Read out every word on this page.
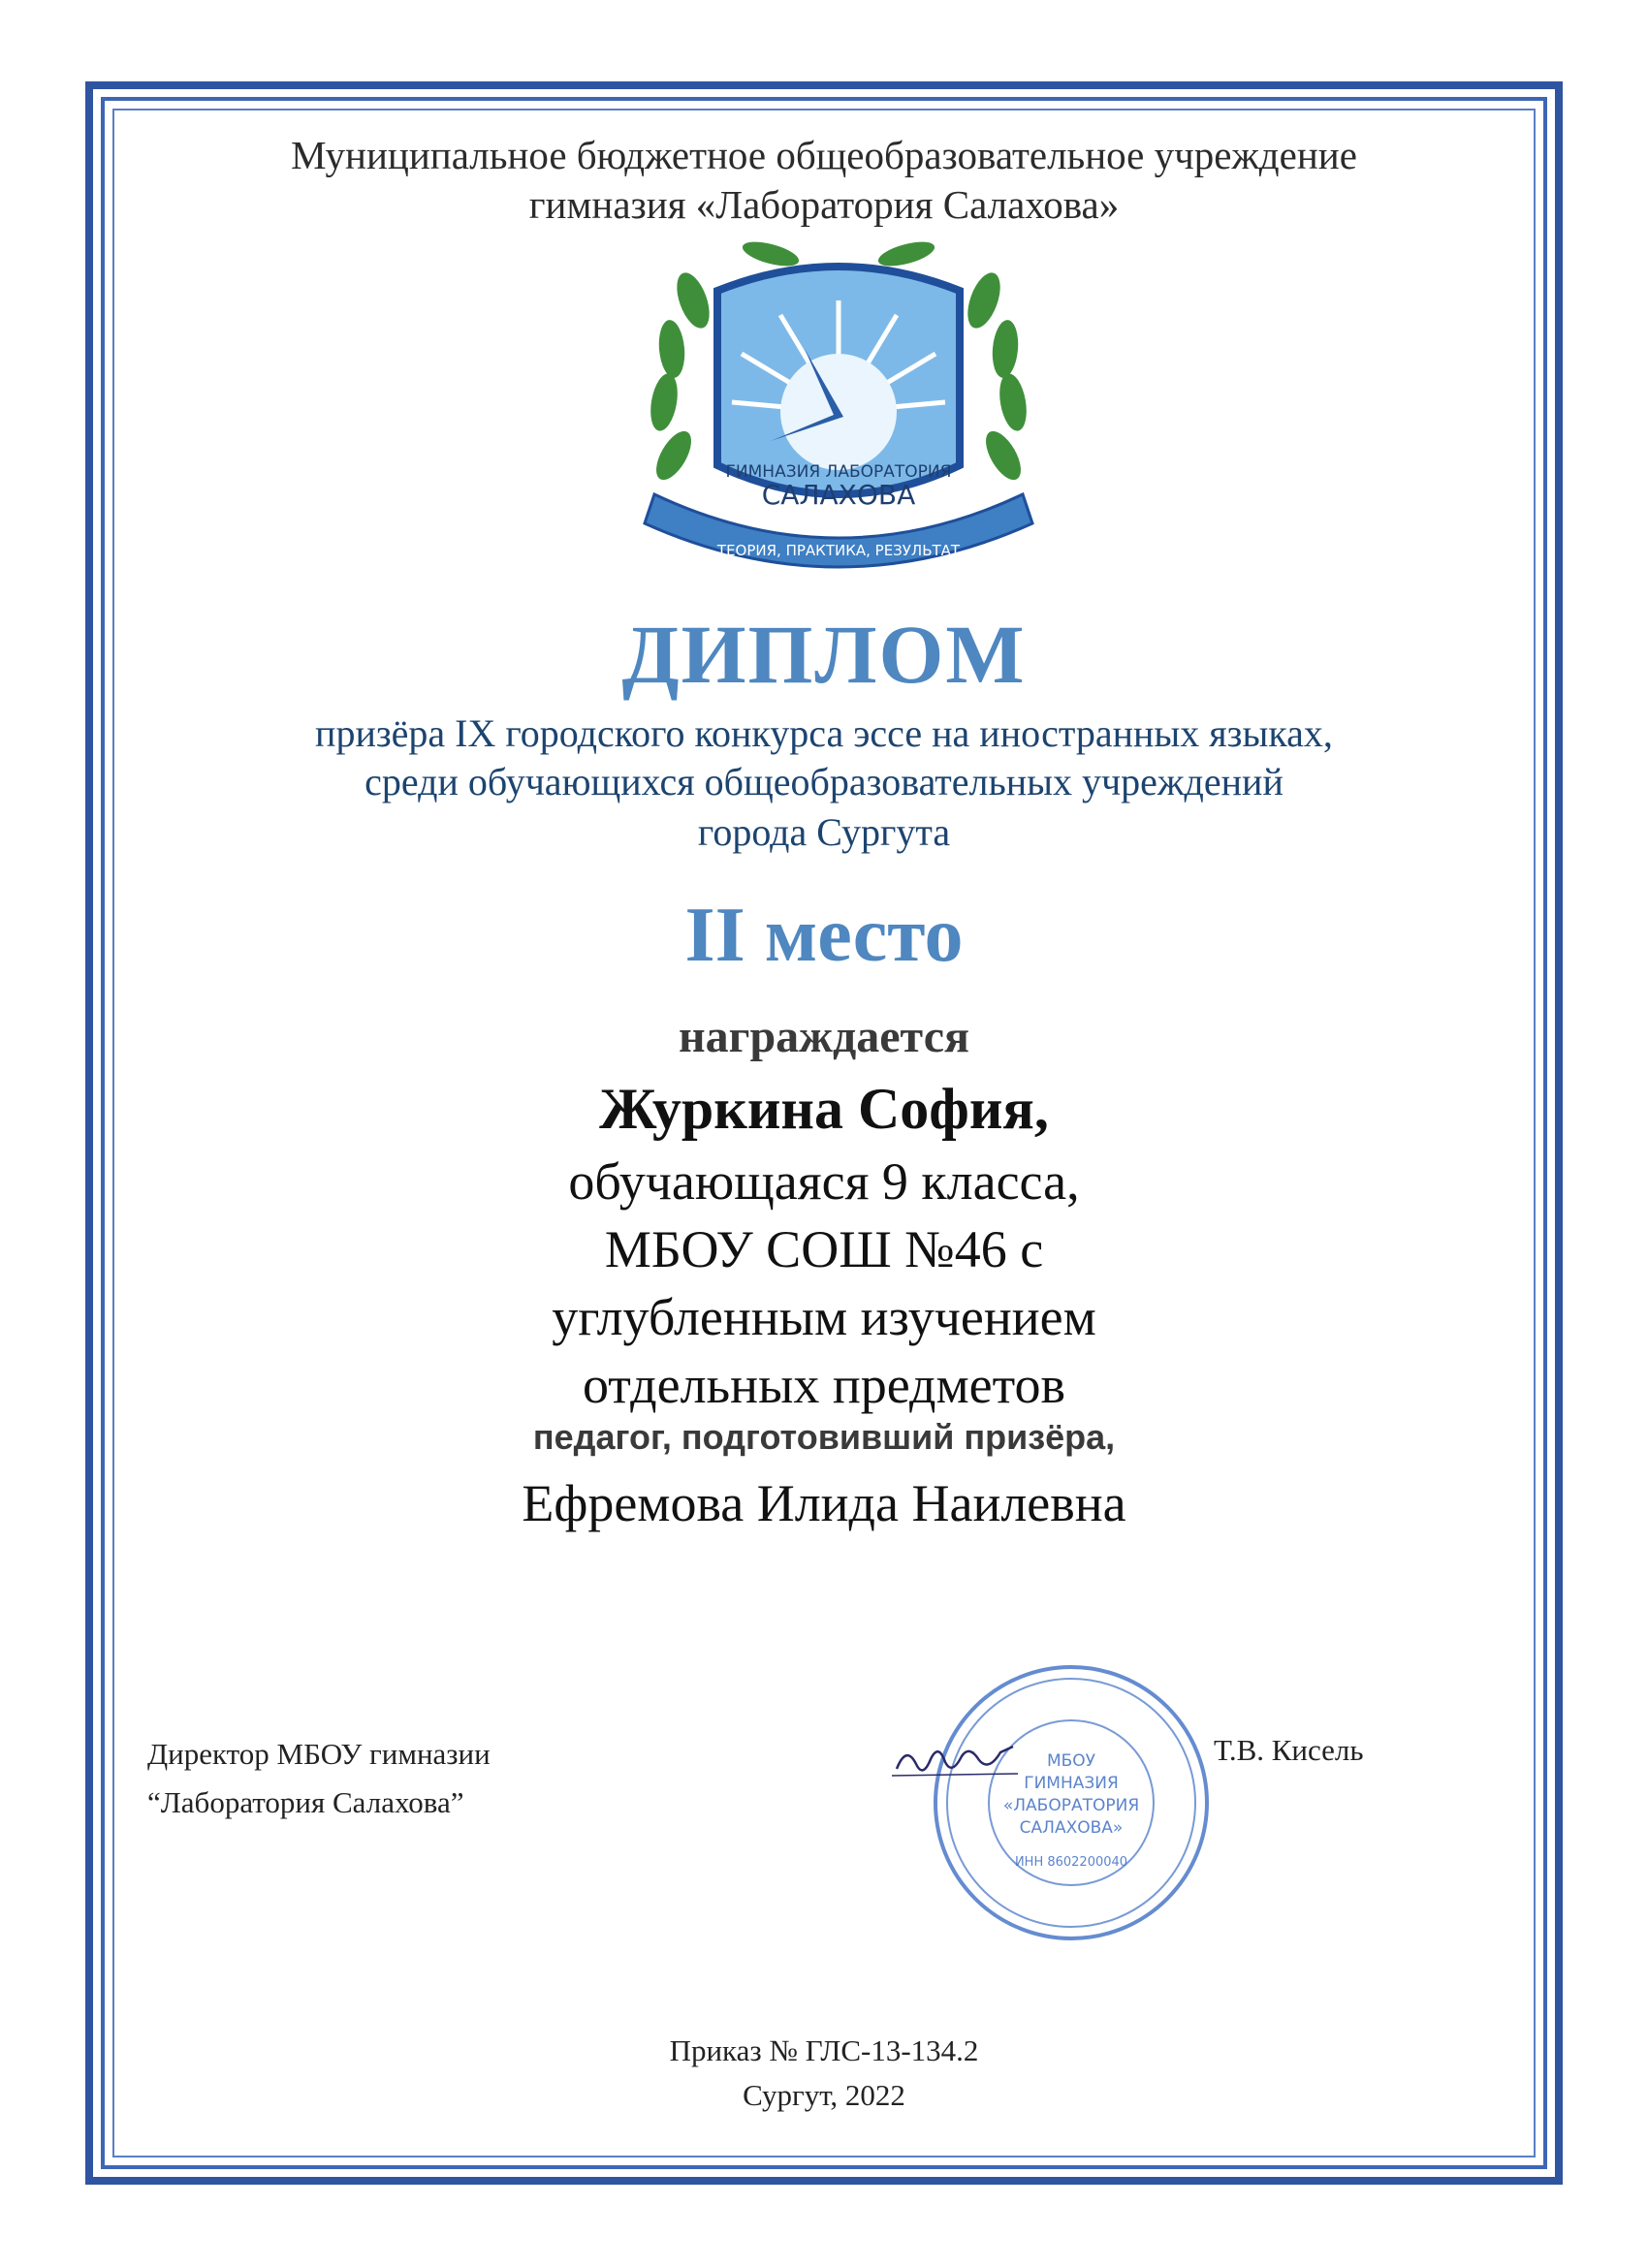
Муниципальное бюджетное общеобразовательное учреждение
гимназия «Лаборатория Салахова»
ГИМНАЗИЯ ЛАБОРАТОРИЯ
САЛАХОВА
ТЕОРИЯ, ПРАКТИКА, РЕЗУЛЬТАТ
ДИПЛОМ
призёра IX городского конкурса эссе на иностранных языках,
среди обучающихся общеобразовательных учреждений
города Сургута
II место
награждается
Журкина София,
обучающаяся 9 класса,
МБОУ СОШ №46 с
углубленным изучением
отдельных предметов
педагог, подготовивший призёра,
Ефремова Илида Наилевна
Директор МБОУ гимназии
“Лаборатория Салахова”
МБОУ
ГИМНАЗИЯ
«ЛАБОРАТОРИЯ
САЛАХОВА»
ИНН 8602200040
Т.В. Кисель
Приказ № ГЛС-13-134.2
Сургут, 2022
